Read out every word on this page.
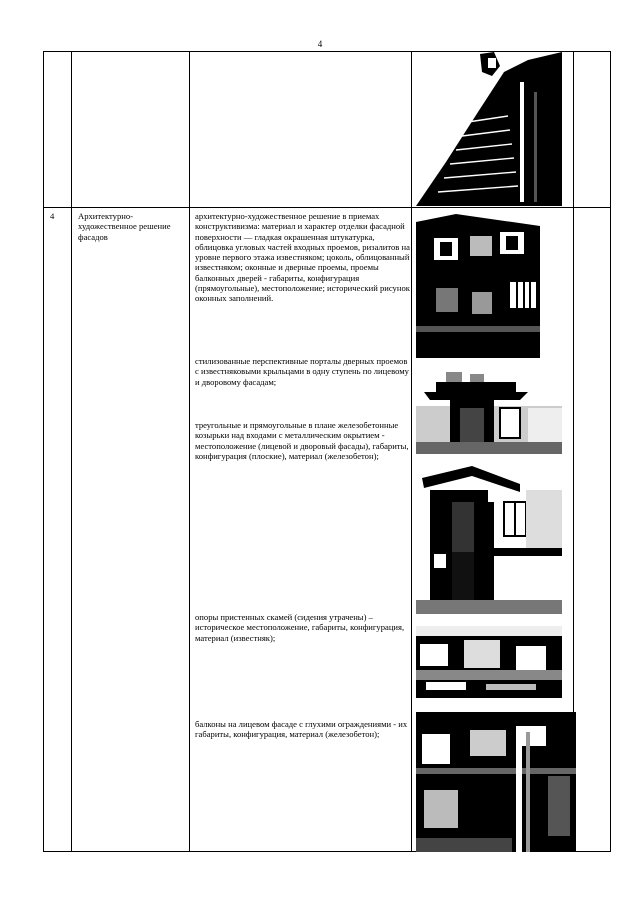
4
4	Архитектурно-художественное решение фасадов
архитектурно-художественное решение в приемах конструктивизма: материал и характер отделки фасадной поверхности — гладкая окрашенная штукатурка, облицовка угловых частей входных проемов, ризалитов на уровне первого этажа известняком; цоколь, облицованный известняком; оконные и дверные проемы, проемы балконных дверей - габариты, конфигурация (прямоугольные), местоположение; исторический рисунок оконных заполнений.
стилизованные перспективные порталы дверных проемов с известняковыми крыльцами в одну ступень по лицевому и дворовому фасадам;
треугольные и прямоугольные в плане железобетонные козырьки над входами с металлическим окрытием - местоположение (лицевой и дворовый фасады), габариты, конфигурация (плоские), материал (железобетон);
опоры пристенных скамей (сидения утрачены) –историческое местоположение, габариты, конфигурация, материал (известняк);
балконы на лицевом фасаде с глухими ограждениями - их габариты, конфигурация, материал (железобетон);
